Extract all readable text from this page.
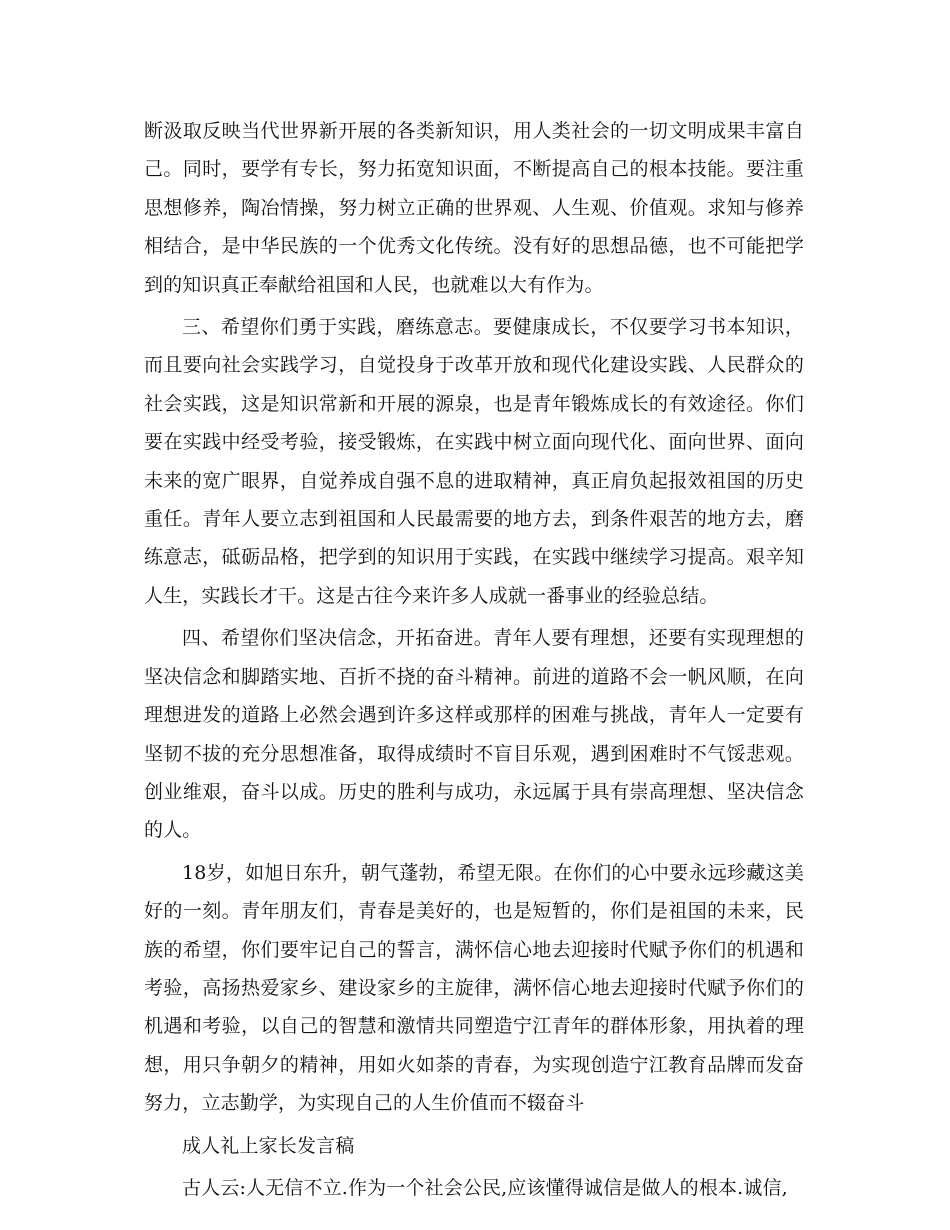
断汲取反映当代世界新开展的各类新知识，用人类社会的一切文明成果丰富自己。同时，要学有专长，努力拓宽知识面，不断提高自己的根本技能。要注重思想修养，陶冶情操，努力树立正确的世界观、人生观、价值观。求知与修养相结合，是中华民族的一个优秀文化传统。没有好的思想品德，也不可能把学到的知识真正奉献给祖国和人民，也就难以大有作为。

三、希望你们勇于实践，磨练意志。要健康成长，不仅要学习书本知识，而且要向社会实践学习，自觉投身于改革开放和现代化建设实践、人民群众的社会实践，这是知识常新和开展的源泉，也是青年锻炼成长的有效途径。你们要在实践中经受考验，接受锻炼，在实践中树立面向现代化、面向世界、面向未来的宽广眼界，自觉养成自强不息的进取精神，真正肩负起报效祖国的历史重任。青年人要立志到祖国和人民最需要的地方去，到条件艰苦的地方去，磨练意志，砥砺品格，把学到的知识用于实践，在实践中继续学习提高。艰辛知人生，实践长才干。这是古往今来许多人成就一番事业的经验总结。

四、希望你们坚决信念，开拓奋进。青年人要有理想，还要有实现理想的坚决信念和脚踏实地、百折不挠的奋斗精神。前进的道路不会一帆风顺，在向理想进发的道路上必然会遇到许多这样或那样的困难与挑战，青年人一定要有坚韧不拔的充分思想准备，取得成绩时不盲目乐观，遇到困难时不气馁悲观。创业维艰，奋斗以成。历史的胜利与成功，永远属于具有崇高理想、坚决信念的人。

18岁，如旭日东升，朝气蓬勃，希望无限。在你们的心中要永远珍藏这美好的一刻。青年朋友们，青春是美好的，也是短暂的，你们是祖国的未来，民族的希望，你们要牢记自己的誓言，满怀信心地去迎接时代赋予你们的机遇和考验，高扬热爱家乡、建设家乡的主旋律，满怀信心地去迎接时代赋予你们的机遇和考验，以自己的智慧和激情共同塑造宁江青年的群体形象，用执着的理想，用只争朝夕的精神，用如火如荼的青春，为实现创造宁江教育品牌而发奋努力，立志勤学，为实现自己的人生价值而不辍奋斗

成人礼上家长发言稿

古人云:人无信不立.作为一个社会公民,应该懂得诚信是做人的根本.诚信,
